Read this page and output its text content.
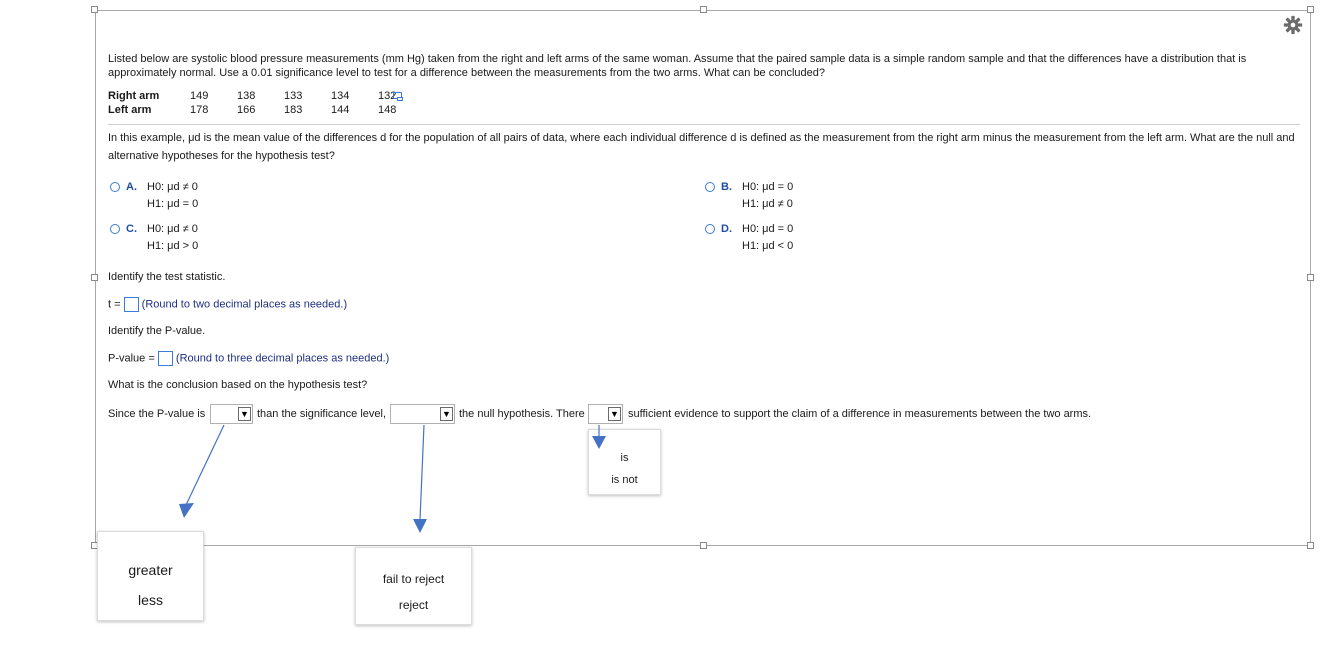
Listed below are systolic blood pressure measurements (mm Hg) taken from the right and left arms of the same woman. Assume that the paired sample data is a simple random sample and that the differences have a distribution that is
approximately normal. Use a 0.01 significance level to test for a difference between the measurements from the two arms. What can be concluded?
Right arm	149	138	133	134	132
Left arm	178	166	183	144	148
In this example, μd is the mean value of the differences d for the population of all pairs of data, where each individual difference d is defined as the measurement from the right arm minus the measurement from the left arm. What are the null and
alternative hypotheses for the hypothesis test?
A. H0: μd ≠ 0
H1: μd = 0
B. H0: μd = 0
H1: μd ≠ 0
C. H0: μd ≠ 0
H1: μd > 0
D. H0: μd = 0
H1: μd < 0
Identify the test statistic.
t = (Round to two decimal places as needed.)
Identify the P-value.
P-value = (Round to three decimal places as needed.)
What is the conclusion based on the hypothesis test?
Since the P-value is	▼ than the significance level,	▼ the null hypothesis. There	▼ sufficient evidence to support the claim of a difference in measurements between the two arms.
is
is not
greater
less
fail to reject
reject
